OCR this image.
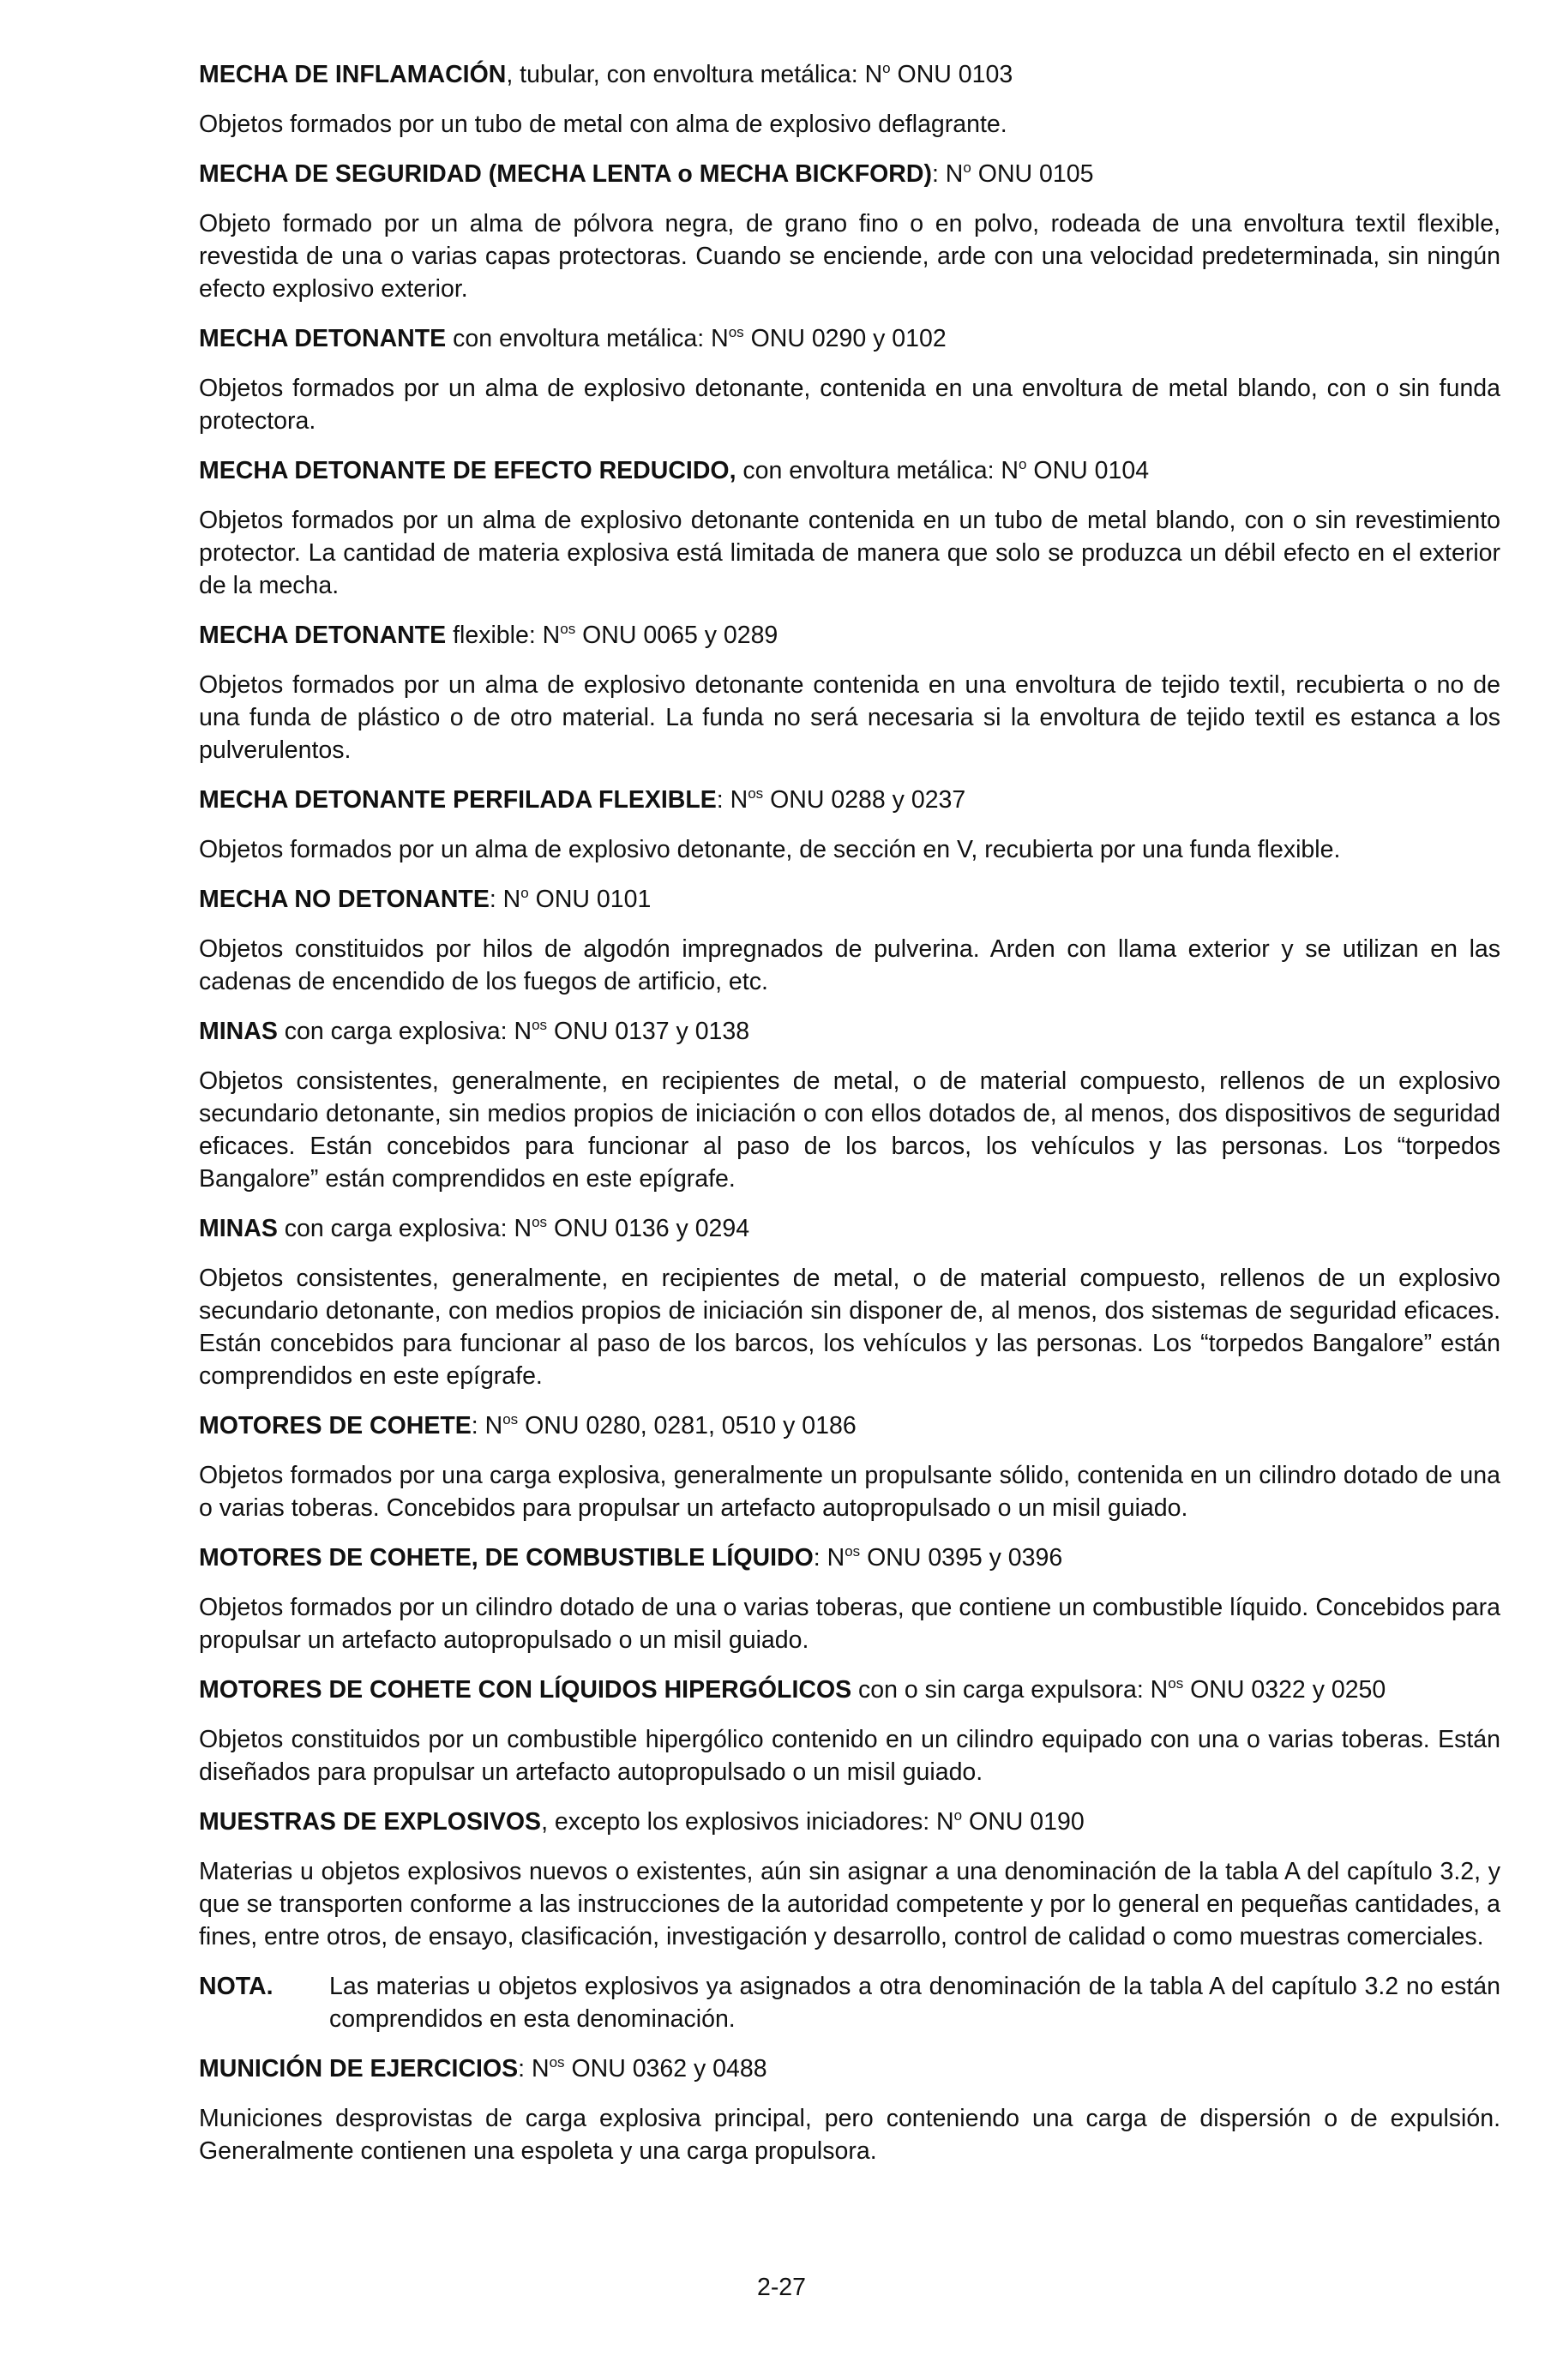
MECHA DE INFLAMACIÓN, tubular, con envoltura metálica: $N^o$ ONU 0103

Objetos formados por un tubo de metal con alma de explosivo deflagrante.

MECHA DE SEGURIDAD (MECHA LENTA o MECHA BICKFORD): $N^o$ ONU 0105

Objeto formado por un alma de pólvora negra, de grano fino o en polvo, rodeada de una envoltura textil flexible, revestida de una o varias capas protectoras. Cuando se enciende, arde con una velocidad predeterminada, sin ningún efecto explosivo exterior.

MECHA DETONANTE con envoltura metálica: $N^{os}$ ONU 0290 y 0102

Objetos formados por un alma de explosivo detonante, contenida en una envoltura de metal blando, con o sin funda protectora.

MECHA DETONANTE DE EFECTO REDUCIDO, con envoltura metálica: $N^o$ ONU 0104

Objetos formados por un alma de explosivo detonante contenida en un tubo de metal blando, con o sin revestimiento protector. La cantidad de materia explosiva está limitada de manera que solo se produzca un débil efecto en el exterior de la mecha.

MECHA DETONANTE flexible: $N^{os}$ ONU 0065 y 0289

Objetos formados por un alma de explosivo detonante contenida en una envoltura de tejido textil, recubierta o no de una funda de plástico o de otro material. La funda no será necesaria si la envoltura de tejido textil es estanca a los pulverulentos.

MECHA DETONANTE PERFILADA FLEXIBLE: $N^{os}$ ONU 0288 y 0237

Objetos formados por un alma de explosivo detonante, de sección en V, recubierta por una funda flexible.

MECHA NO DETONANTE: $N^o$ ONU 0101

Objetos constituidos por hilos de algodón impregnados de pulverina. Arden con llama exterior y se utilizan en las cadenas de encendido de los fuegos de artificio, etc.

MINAS con carga explosiva: $N^{os}$ ONU 0137 y 0138

Objetos consistentes, generalmente, en recipientes de metal, o de material compuesto, rellenos de un explosivo secundario detonante, sin medios propios de iniciación o con ellos dotados de, al menos, dos dispositivos de seguridad eficaces. Están concebidos para funcionar al paso de los barcos, los vehículos y las personas. Los “torpedos Bangalore” están comprendidos en este epígrafe.

MINAS con carga explosiva: $N^{os}$ ONU 0136 y 0294

Objetos consistentes, generalmente, en recipientes de metal, o de material compuesto, rellenos de un explosivo secundario detonante, con medios propios de iniciación sin disponer de, al menos, dos sistemas de seguridad eficaces. Están concebidos para funcionar al paso de los barcos, los vehículos y las personas. Los “torpedos Bangalore” están comprendidos en este epígrafe.

MOTORES DE COHETE: $N^{os}$ ONU 0280, 0281, 0510 y 0186

Objetos formados por una carga explosiva, generalmente un propulsante sólido, contenida en un cilindro dotado de una o varias toberas. Concebidos para propulsar un artefacto autopropulsado o un misil guiado.

MOTORES DE COHETE, DE COMBUSTIBLE LÍQUIDO: $N^{os}$ ONU 0395 y 0396

Objetos formados por un cilindro dotado de una o varias toberas, que contiene un combustible líquido. Concebidos para propulsar un artefacto autopropulsado o un misil guiado.

MOTORES DE COHETE CON LÍQUIDOS HIPERGÓLICOS con o sin carga expulsora: $N^{os}$ ONU 0322 y 0250

Objetos constituidos por un combustible hipergólico contenido en un cilindro equipado con una o varias toberas. Están diseñados para propulsar un artefacto autopropulsado o un misil guiado.

MUESTRAS DE EXPLOSIVOS, excepto los explosivos iniciadores: $N^o$ ONU 0190

Materias u objetos explosivos nuevos o existentes, aún sin asignar a una denominación de la tabla A del capítulo 3.2, y que se transporten conforme a las instrucciones de la autoridad competente y por lo general en pequeñas cantidades, a fines, entre otros, de ensayo, clasificación, investigación y desarrollo, control de calidad o como muestras comerciales.

NOTA.	Las materias u objetos explosivos ya asignados a otra denominación de la tabla A del capítulo 3.2 no están comprendidos en esta denominación.

MUNICIÓN DE EJERCICIOS: $N^{os}$ ONU 0362 y 0488

Municiones desprovistas de carga explosiva principal, pero conteniendo una carga de dispersión o de expulsión. Generalmente contienen una espoleta y una carga propulsora.

2-27
